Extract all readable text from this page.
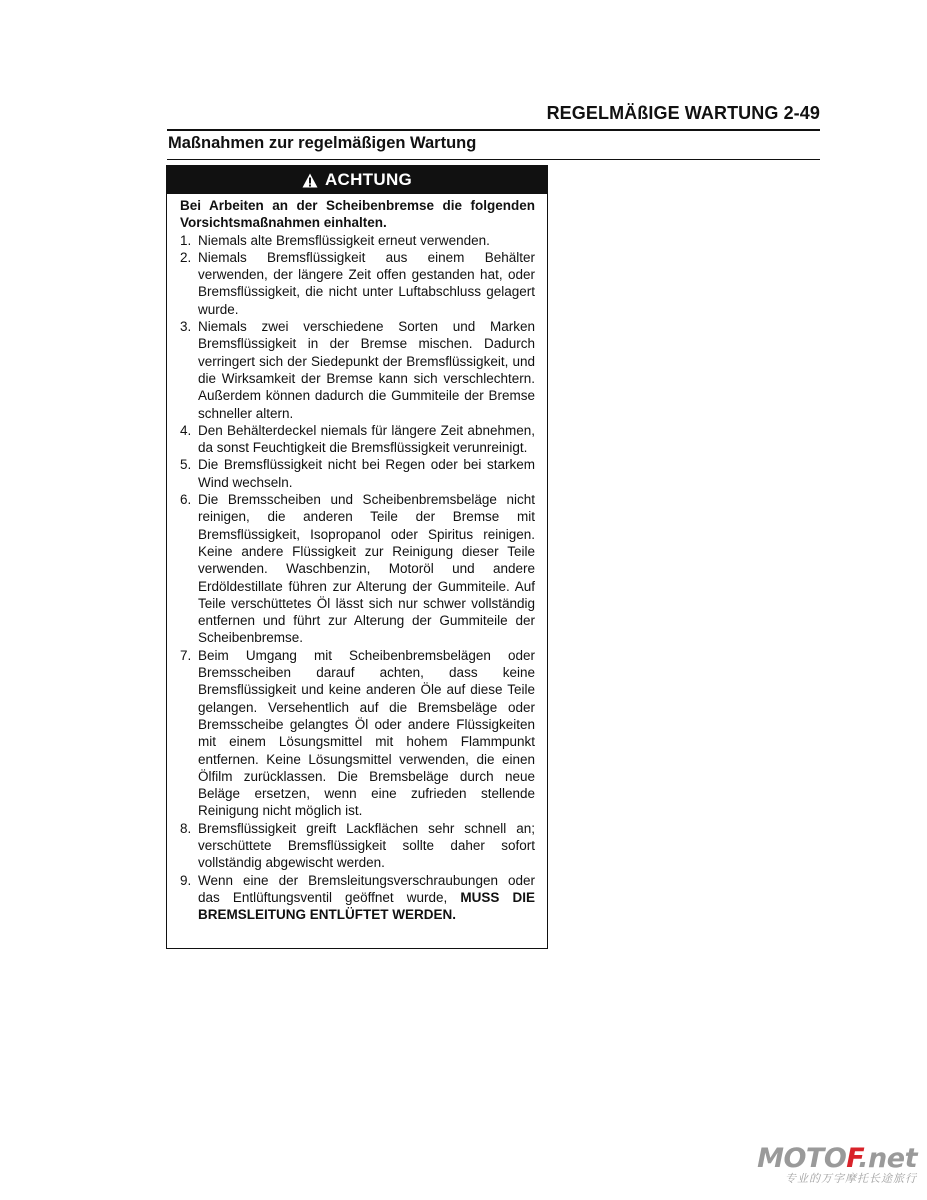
REGELMÄßIGE WARTUNG 2-49
Maßnahmen zur regelmäßigen Wartung
ACHTUNG
Bei Arbeiten an der Scheibenbremse die folgenden Vorsichtsmaßnahmen einhalten.
1. Niemals alte Bremsflüssigkeit erneut verwenden.
2. Niemals Bremsflüssigkeit aus einem Behälter verwenden, der längere Zeit offen gestanden hat, oder Bremsflüssigkeit, die nicht unter Luftabschluss gelagert wurde.
3. Niemals zwei verschiedene Sorten und Marken Bremsflüssigkeit in der Bremse mischen. Dadurch verringert sich der Siedepunkt der Bremsflüssigkeit, und die Wirksamkeit der Bremse kann sich verschlechtern. Außerdem können dadurch die Gummiteile der Bremse schneller altern.
4. Den Behälterdeckel niemals für längere Zeit abnehmen, da sonst Feuchtigkeit die Bremsflüssigkeit verunreinigt.
5. Die Bremsflüssigkeit nicht bei Regen oder bei starkem Wind wechseln.
6. Die Bremsscheiben und Scheibenbremsbeläge nicht reinigen, die anderen Teile der Bremse mit Bremsflüssigkeit, Isopropanol oder Spiritus reinigen. Keine andere Flüssigkeit zur Reinigung dieser Teile verwenden. Waschbenzin, Motoröl und andere Erdöldestillate führen zur Alterung der Gummiteile. Auf Teile verschüttetes Öl lässt sich nur schwer vollständig entfernen und führt zur Alterung der Gummiteile der Scheibenbremse.
7. Beim Umgang mit Scheibenbremsbelägen oder Bremsscheiben darauf achten, dass keine Bremsflüssigkeit und keine anderen Öle auf diese Teile gelangen. Versehentlich auf die Bremsbeläge oder Bremsscheibe gelangtes Öl oder andere Flüssigkeiten mit einem Lösungsmittel mit hohem Flammpunkt entfernen. Keine Lösungsmittel verwenden, die einen Ölfilm zurücklassen. Die Bremsbeläge durch neue Beläge ersetzen, wenn eine zufrieden stellende Reinigung nicht möglich ist.
8. Bremsflüssigkeit greift Lackflächen sehr schnell an; verschüttete Bremsflüssigkeit sollte daher sofort vollständig abgewischt werden.
9. Wenn eine der Bremsleitungsverschraubungen oder das Entlüftungsventil geöffnet wurde, MUSS DIE BREMSLEITUNG ENTLÜFTET WERDEN.
MOTOF.net
专业的万字摩托长途旅行
